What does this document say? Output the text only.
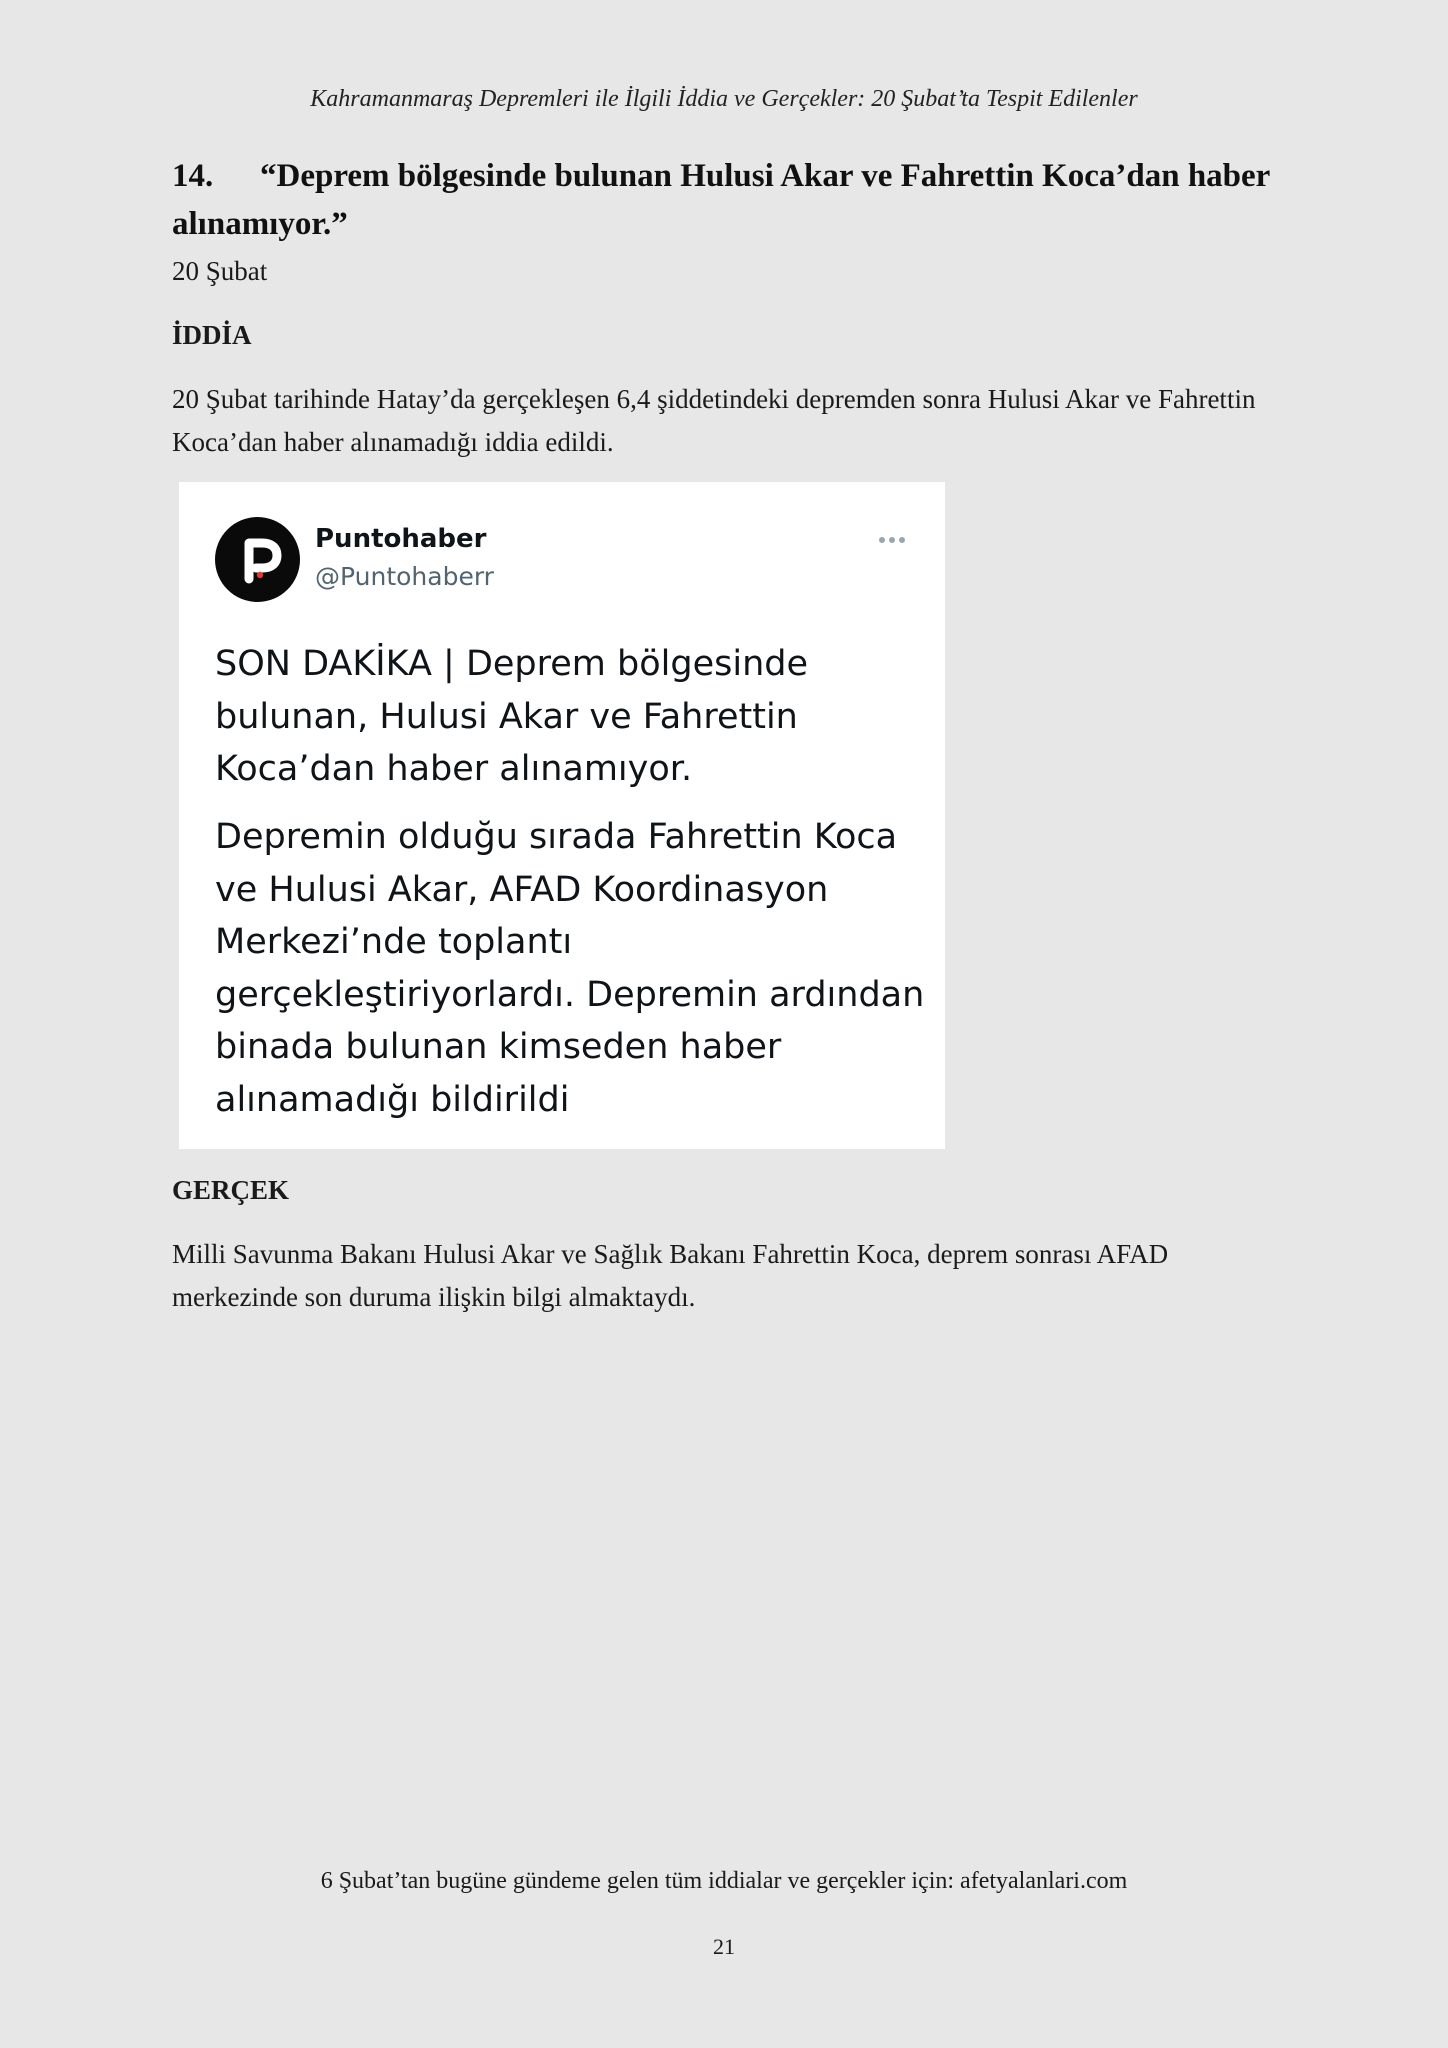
Kahramanmaraş Depremleri ile İlgili İddia ve Gerçekler: 20 Şubat’ta Tespit Edilenler
14. “Deprem bölgesinde bulunan Hulusi Akar ve Fahrettin Koca’dan haber alınamıyor.”
20 Şubat
İDDİA
20 Şubat tarihinde Hatay’da gerçekleşen 6,4 şiddetindeki depremden sonra Hulusi Akar ve Fahrettin Koca’dan haber alınamadığı iddia edildi.
Puntohaber
@Puntohaberr
SON DAKİKA | Deprem bölgesinde bulunan, Hulusi Akar ve Fahrettin Koca’dan haber alınamıyor.
Depremin olduğu sırada Fahrettin Koca ve Hulusi Akar, AFAD Koordinasyon Merkezi’nde toplantı gerçekleştiriyorlardı. Depremin ardından binada bulunan kimseden haber alınamadığı bildirildi
GERÇEK
Milli Savunma Bakanı Hulusi Akar ve Sağlık Bakanı Fahrettin Koca, deprem sonrası AFAD merkezinde son duruma ilişkin bilgi almaktaydı.
6 Şubat’tan bugüne gündeme gelen tüm iddialar ve gerçekler için: afetyalanlari.com
21
